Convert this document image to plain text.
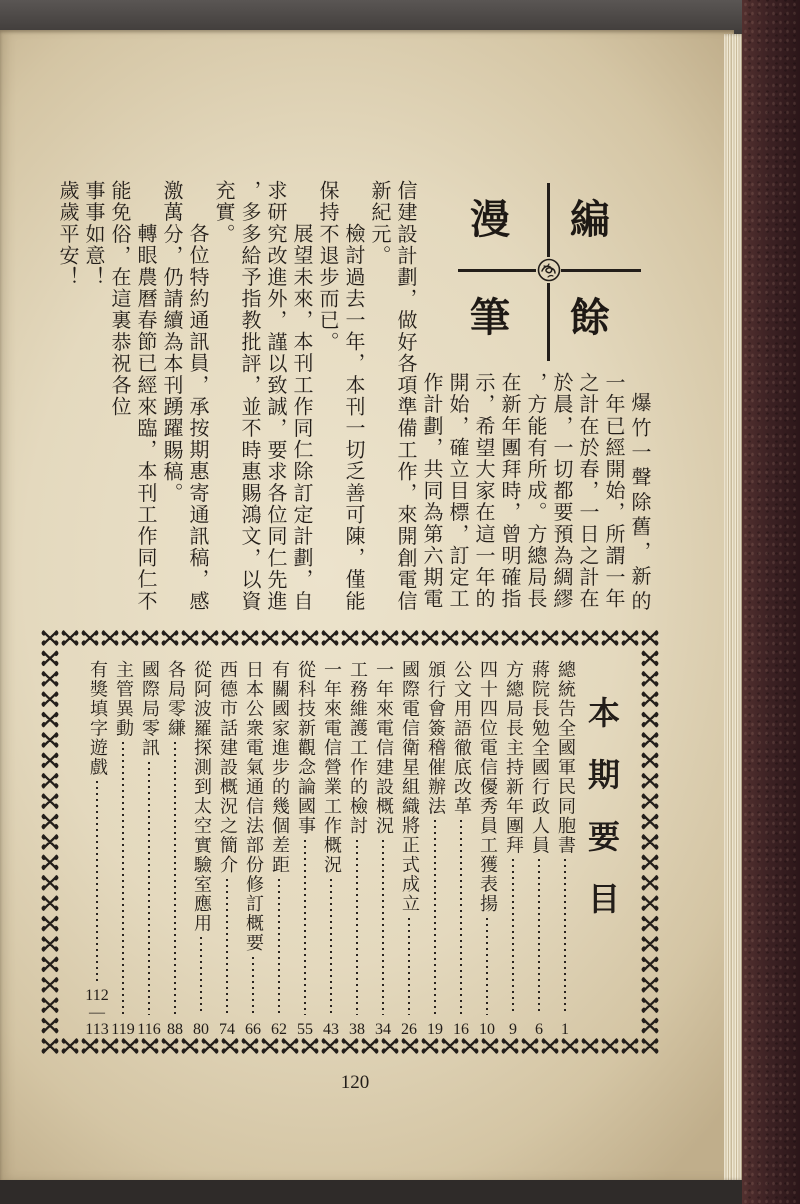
編
餘
漫
筆
爆竹一聲除舊，新的
一年已經開始，所謂一年
之計在於春，一日之計在
於晨，一切都要預為綢繆
，方能有所成。方總局長
在新年團拜時，曾明確指
示，希望大家在這一年的
開始，確立目標，訂定工
作計劃，共同為第六期電
信建設計劃，做好各項準備工作，來開創電信
新紀元。
檢討過去一年，本刊一切乏善可陳，僅能
保持不退步而已。
展望未來，本刊工作同仁除訂定計劃，自
求研究改進外，謹以致誠，要求各位同仁先進
，多多給予指教批評，並不時惠賜鴻文，以資
充實。
各位特約通訊員，承按期惠寄通訊稿，感
激萬分，仍請續為本刊踴躍賜稿。
轉眼農曆春節已經來臨，本刊工作同仁不
能免俗，在這裏恭祝各位
事事如意！
歲歲平安！
本期要目
總統告全國軍民同胞書
1
蔣院長勉全國行政人員
6
方總局長主持新年團拜
9
四十四位電信優秀員工獲表揚
10
公文用語徹底改革
16
頒行會簽稽催辦法
19
國際電信衛星組織將正式成立
26
一年來電信建設概況
34
工務維護工作的檢討
38
一年來電信營業工作概況
43
從科技新觀念論國事
55
有關國家進步的幾個差距
62
日本公衆電氣通信法部份修訂概要
66
西德市話建設概況之簡介
74
從阿波羅探測到太空實驗室應用
80
各局零縑
88
國際局零訊
116
主管異動
119
有獎填字遊戲
112—113
120
